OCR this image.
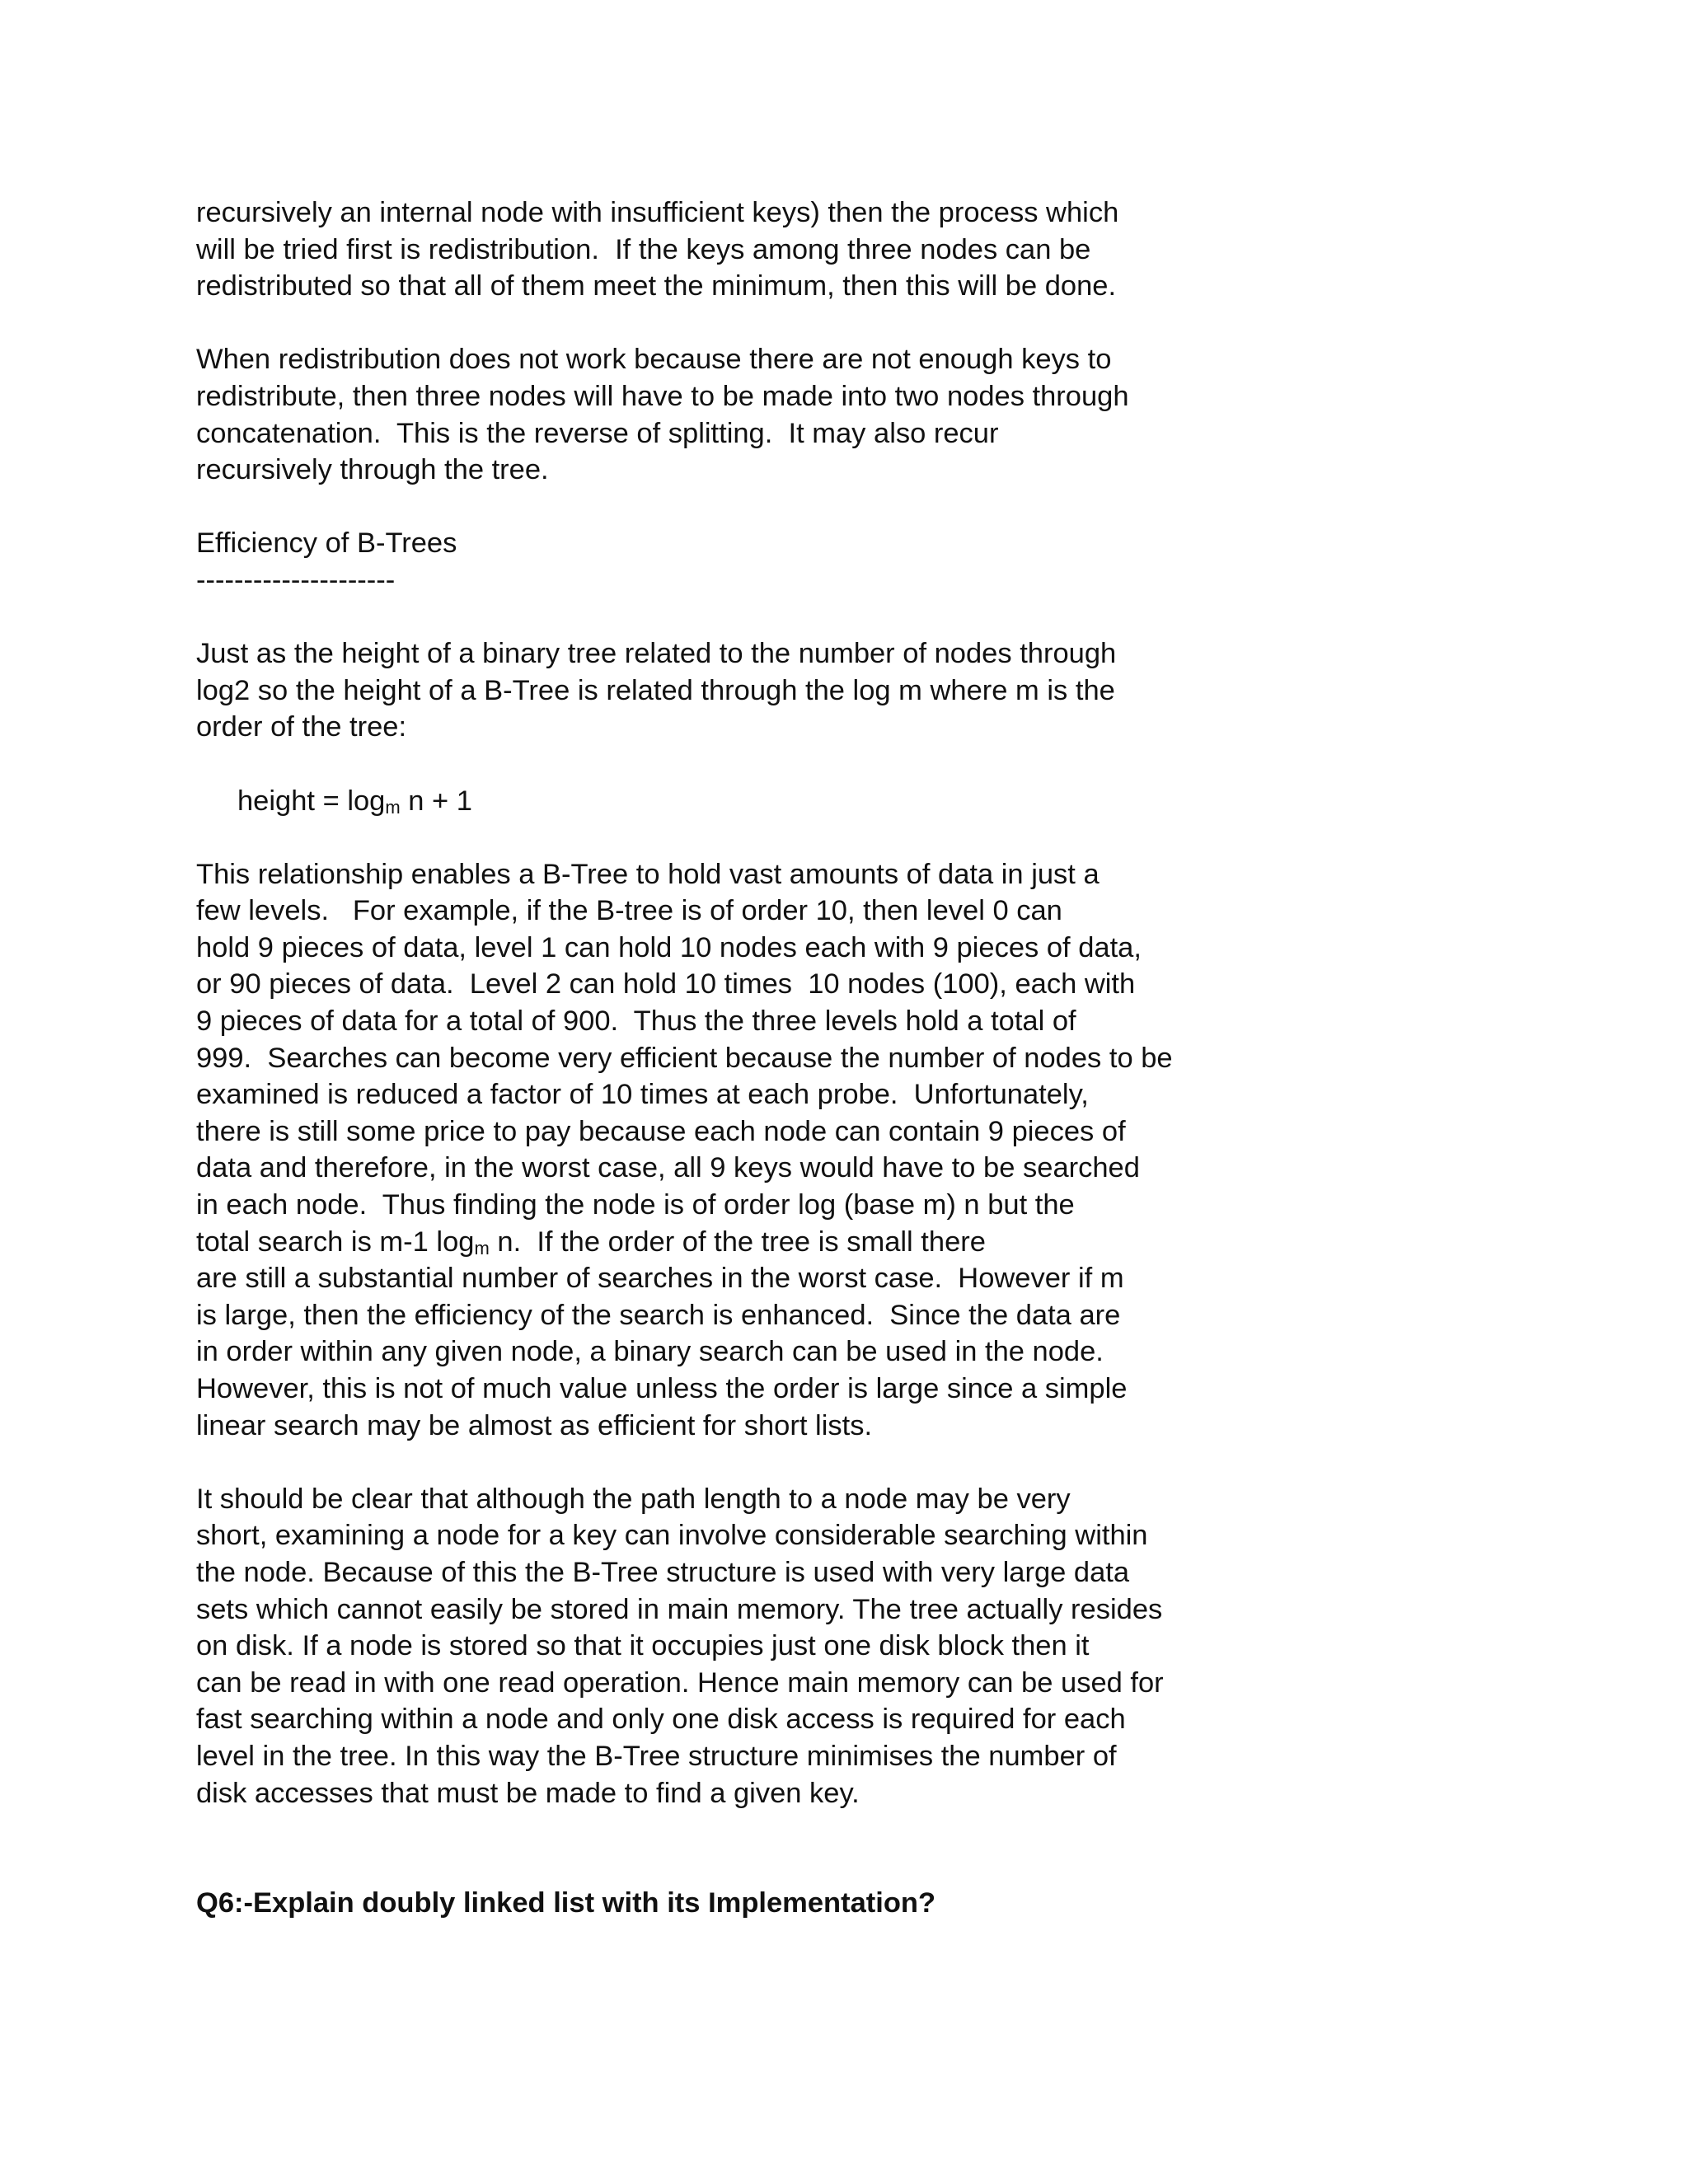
recursively an internal node with insufficient keys) then the process which
will be tried first is redistribution.  If the keys among three nodes can be
redistributed so that all of them meet the minimum, then this will be done.
When redistribution does not work because there are not enough keys to
redistribute, then three nodes will have to be made into two nodes through
concatenation.  This is the reverse of splitting.  It may also recur
recursively through the tree.
Efficiency of B-Trees
---------------------
Just as the height of a binary tree related to the number of nodes through
log2 so the height of a B-Tree is related through the log m where m is the
order of the tree:
height = logm n + 1
This relationship enables a B-Tree to hold vast amounts of data in just a
few levels.   For example, if the B-tree is of order 10, then level 0 can
hold 9 pieces of data, level 1 can hold 10 nodes each with 9 pieces of data,
or 90 pieces of data.  Level 2 can hold 10 times  10 nodes (100), each with
9 pieces of data for a total of 900.  Thus the three levels hold a total of
999.  Searches can become very efficient because the number of nodes to be
examined is reduced a factor of 10 times at each probe.  Unfortunately,
there is still some price to pay because each node can contain 9 pieces of
data and therefore, in the worst case, all 9 keys would have to be searched
in each node.  Thus finding the node is of order log (base m) n but the
total search is m-1 logm n.  If the order of the tree is small there
are still a substantial number of searches in the worst case.  However if m
is large, then the efficiency of the search is enhanced.  Since the data are
in order within any given node, a binary search can be used in the node.
However, this is not of much value unless the order is large since a simple
linear search may be almost as efficient for short lists.
It should be clear that although the path length to a node may be very
short, examining a node for a key can involve considerable searching within
the node. Because of this the B-Tree structure is used with very large data
sets which cannot easily be stored in main memory. The tree actually resides
on disk. If a node is stored so that it occupies just one disk block then it
can be read in with one read operation. Hence main memory can be used for
fast searching within a node and only one disk access is required for each
level in the tree. In this way the B-Tree structure minimises the number of
disk accesses that must be made to find a given key.
Q6:-Explain doubly linked list with its Implementation?
